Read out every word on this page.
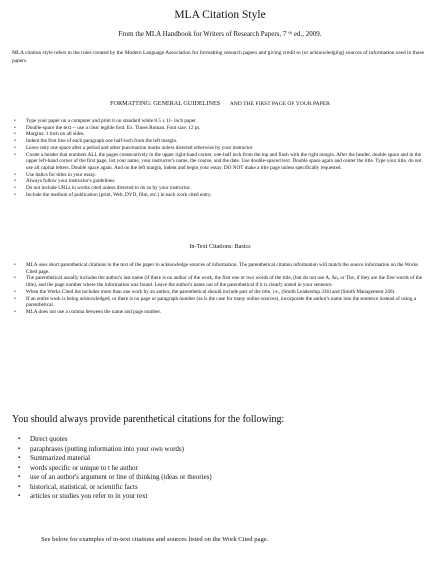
MLA Citation Style
From the MLA Handbook for Writers of Research Papers, 7 $^{th}$ ed., 2009.
MLA citation style refers to the rules created by the Modern Language Association for formatting research papers and giving credit to (or acknowledging) sources of information used in those papers.
FORMATTING: GENERAL GUIDELINES AND THE FIRST PAGE OF YOUR PAPER
• Type your paper on a computer and print it on standard white 8.5 x 11- inch paper
• Double-space the text -- use a clear legible font. Ex. Times Roman. Font size: 12 pt.
• Margins: 1 inch on all sides.
• Indent the first line of each paragraph one half-inch from the left margin.
• Leave only one space after a period and other punctuation marks unless directed otherwise by your instructor
• Create a header that numbers ALL the pages consecutively in the upper right-hand corner, one-half inch from the top and flush with the right margin. After the header, double space and in the upper left-hand corner of the first page, list your name, your instructor's name, the course, and the date. Use double-spaced text. Double space again and center the title. Type your title, do not use all capital letters. Double space again. And on the left margin, indent and begin your essay. DO NOT make a title page unless specifically requested.
• Use italics for titles in your essay.
• Always follow your instructor's guidelines.
• Do not include URLs in works cited unless directed to do so by your instructor.
• Include the medium of publication (print, Web, DVD, film, etc.) in each work cited entry.
In-Text Citations: Basics
• MLA uses short parenthetical citations in the text of the paper to acknowledge sources of information. The parenthetical citation information will match the source information on the Works Cited page.
• The parenthetical usually includes the author's last name (if there is no author of the work, the first one or two words of the title, (but do not use A, An, or The, if they are the first words of the title), and the page number where the information was found. Leave the author's name out of the parenthetical if it is clearly stated in your sentence.
• When the Works Cited list includes more than one work by an author, the parenthetical should include part of the title, i.e., (Smith Leadership 336) and (Smith Management 246).
• If an entire work is being acknowledged, or there is no page or paragraph number (as is the case for many online sources), incorporate the author's name into the sentence instead of using a parenthetical.
• MLA does not use a comma between the name and page number.
You should always provide parenthetical citations for the following:
▪ Direct quotes
▪ paraphrases (putting information into your own words)
▪ Summarized material
▪ words specific or unique to t he author
▪ use of an author's argument or line of thinking (ideas or theories)
▪ historical, statistical, or scientific facts
▪ articles or studies you refer to in your text
See below for examples of in-text citations and sources listed on the Work Cited page.
